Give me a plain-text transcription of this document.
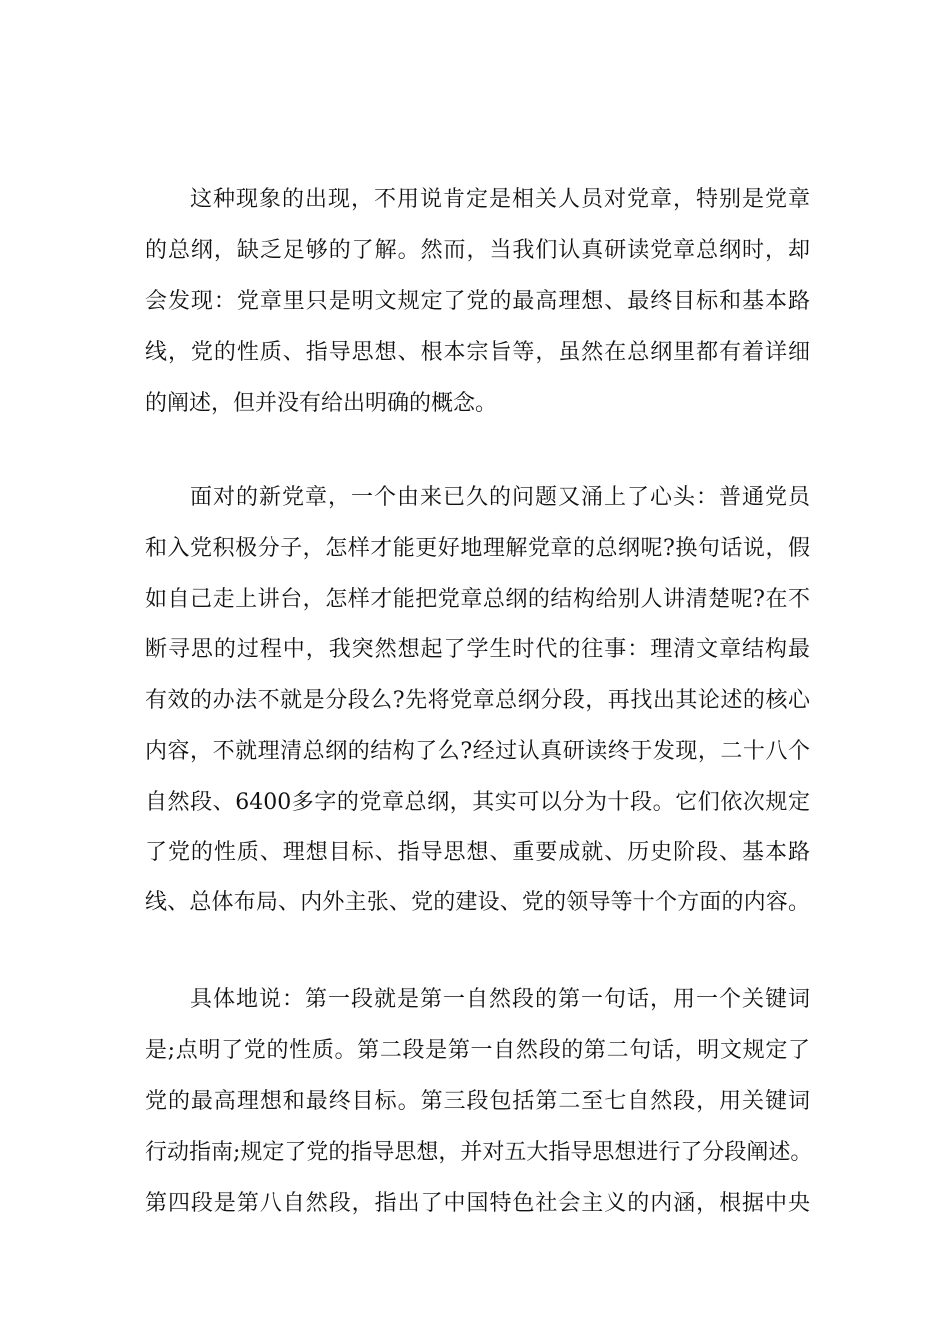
这种现象的出现，不用说肯定是相关人员对党章，特别是党章
的总纲，缺乏足够的了解。然而，当我们认真研读党章总纲时，却
会发现：党章里只是明文规定了党的最高理想、最终目标和基本路
线，党的性质、指导思想、根本宗旨等，虽然在总纲里都有着详细
的阐述，但并没有给出明确的概念。
面对的新党章，一个由来已久的问题又涌上了心头：普通党员
和入党积极分子，怎样才能更好地理解党章的总纲呢?换句话说，假
如自己走上讲台，怎样才能把党章总纲的结构给别人讲清楚呢?在不
断寻思的过程中，我突然想起了学生时代的往事：理清文章结构最
有效的办法不就是分段么?先将党章总纲分段，再找出其论述的核心
内容，不就理清总纲的结构了么?经过认真研读终于发现，二十八个
自然段、6400多字的党章总纲，其实可以分为十段。它们依次规定
了党的性质、理想目标、指导思想、重要成就、历史阶段、基本路
线、总体布局、内外主张、党的建设、党的领导等十个方面的内容。
具体地说：第一段就是第一自然段的第一句话，用一个关键词
是;点明了党的性质。第二段是第一自然段的第二句话，明文规定了
党的最高理想和最终目标。第三段包括第二至七自然段，用关键词
行动指南;规定了党的指导思想，并对五大指导思想进行了分段阐述。
第四段是第八自然段，指出了中国特色社会主义的内涵，根据中央
